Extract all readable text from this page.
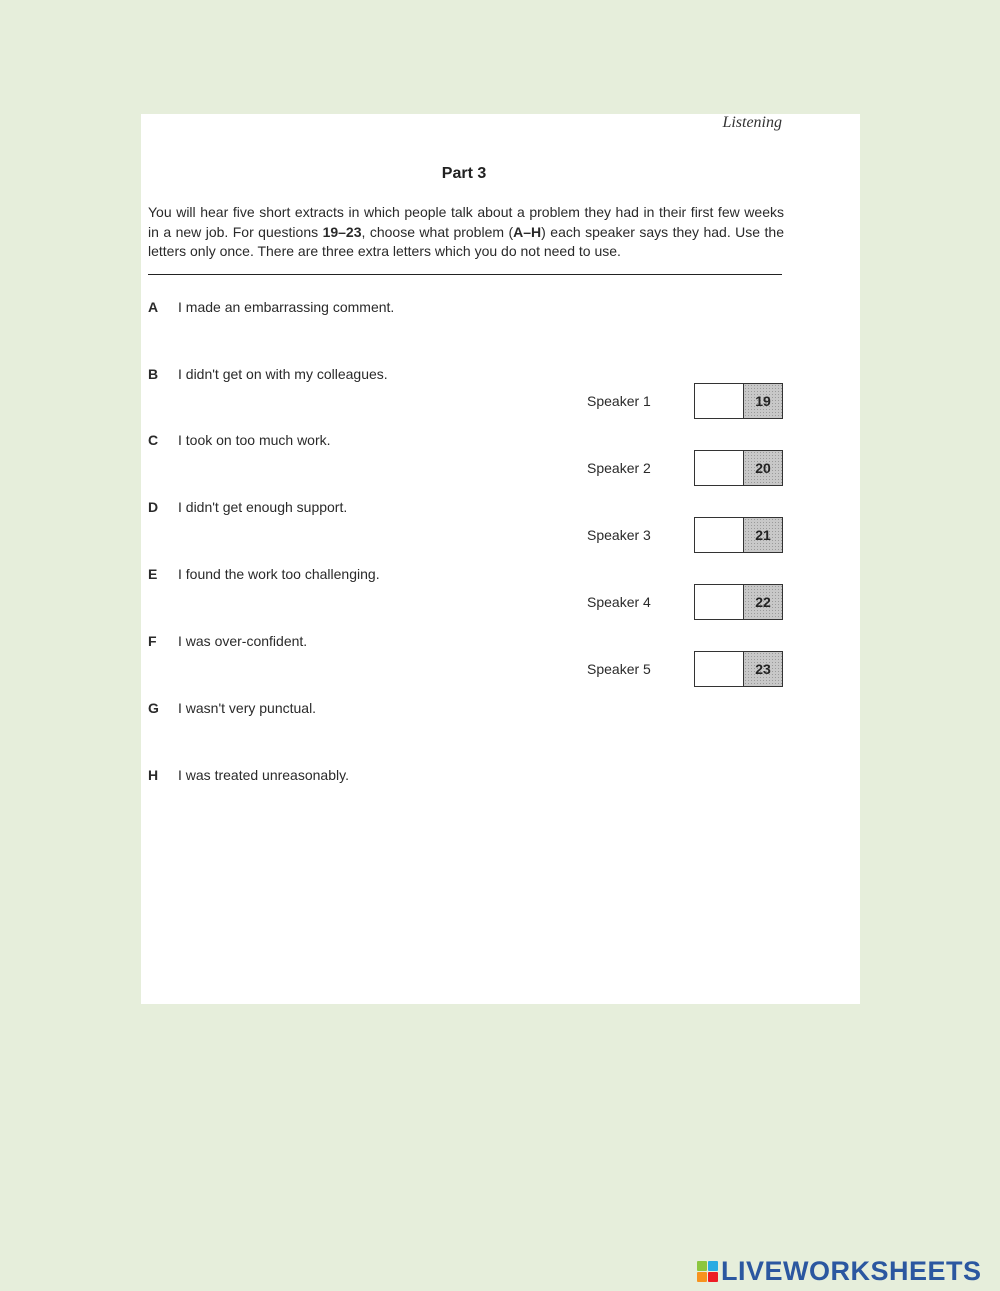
Listening
Part 3
You will hear five short extracts in which people talk about a problem they had in their first few weeks in a new job. For questions 19–23, choose what problem (A–H) each speaker says they had. Use the letters only once. There are three extra letters which you do not need to use.
A I made an embarrassing comment.
B I didn't get on with my colleagues.
C I took on too much work.
D I didn't get enough support.
E I found the work too challenging.
F I was over-confident.
G I wasn't very punctual.
H I was treated unreasonably.
Speaker 1	19
Speaker 2	20
Speaker 3	21
Speaker 4	22
Speaker 5	23
LIVEWORKSHEETS
